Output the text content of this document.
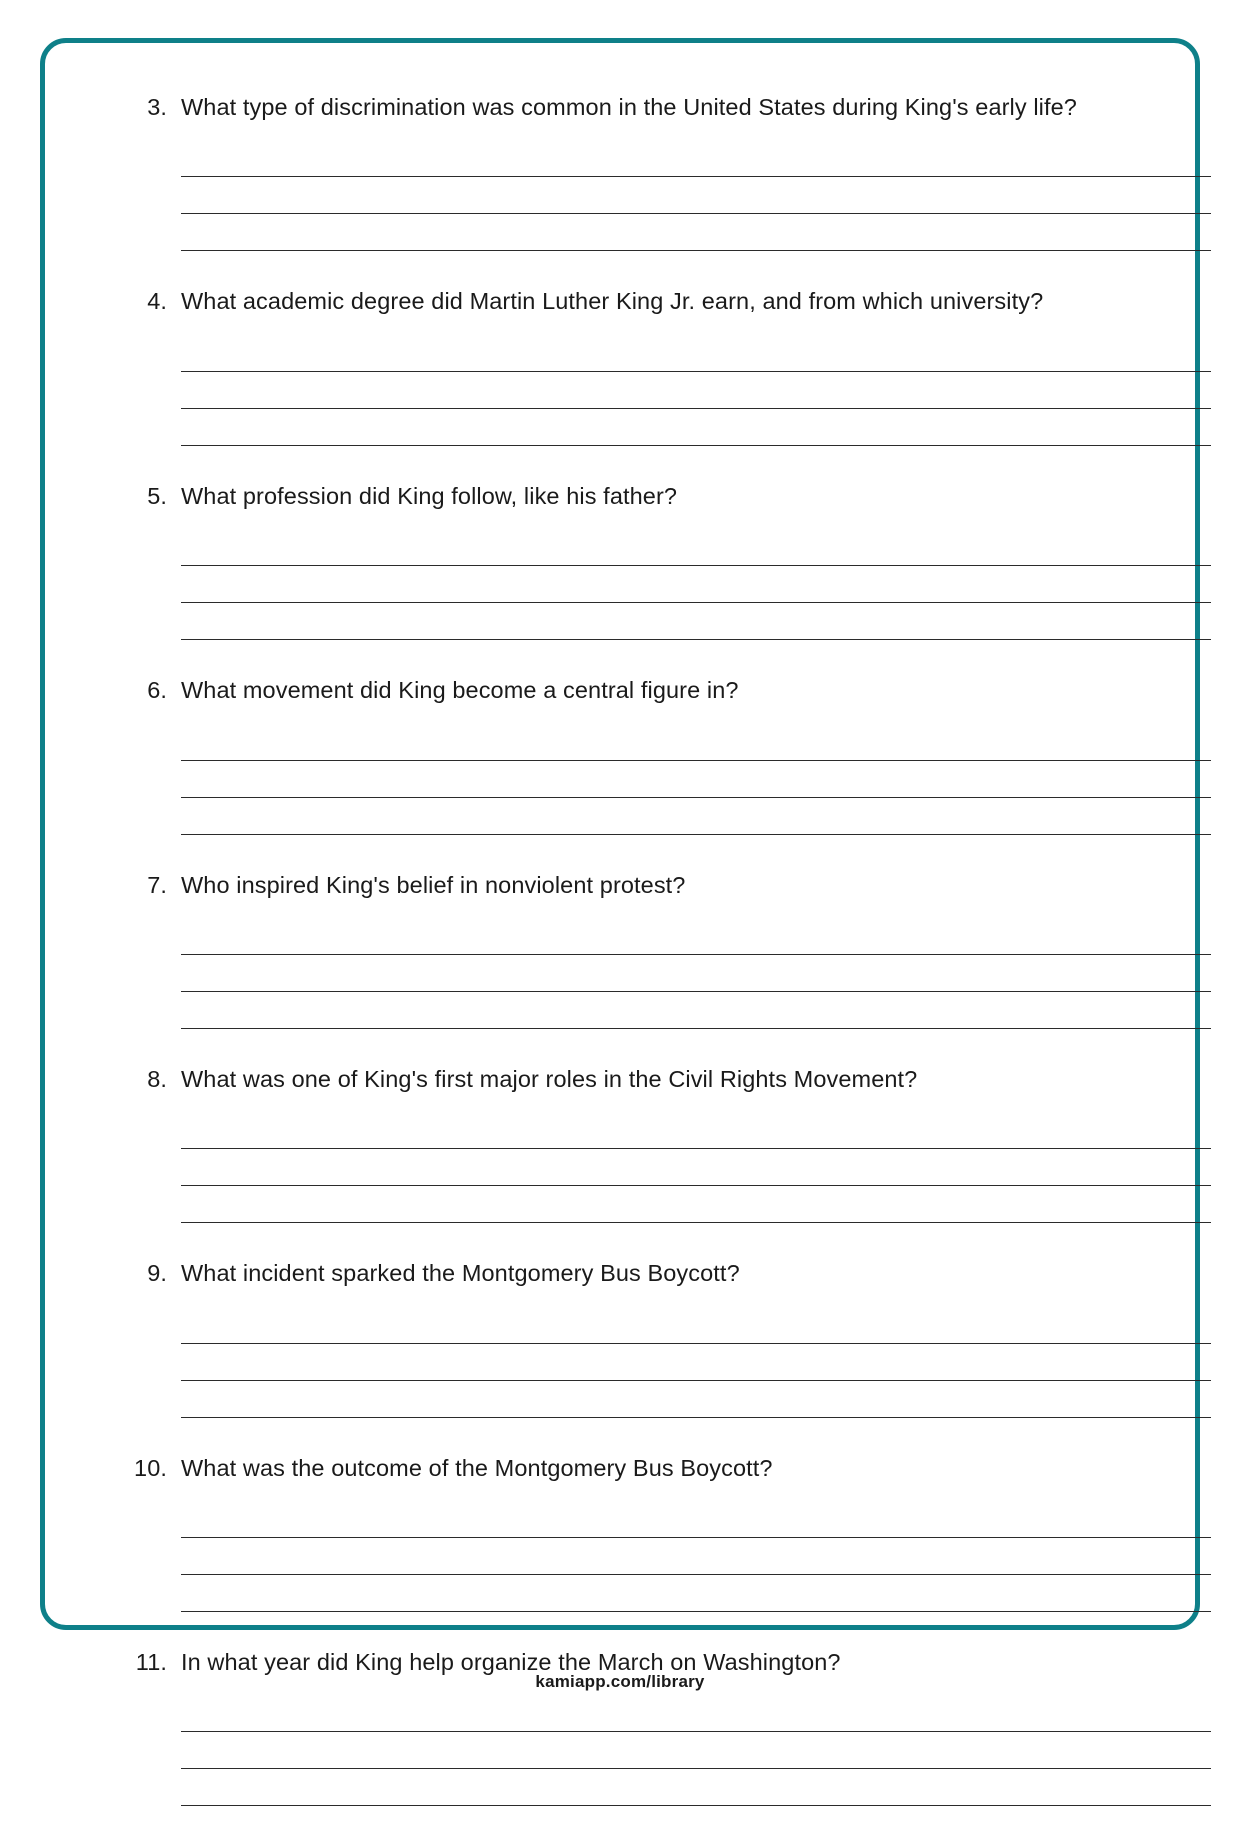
3. What type of discrimination was common in the United States during King's early life?
4. What academic degree did Martin Luther King Jr. earn, and from which university?
5. What profession did King follow, like his father?
6. What movement did King become a central figure in?
7. Who inspired King's belief in nonviolent protest?
8. What was one of King's first major roles in the Civil Rights Movement?
9. What incident sparked the Montgomery Bus Boycott?
10. What was the outcome of the Montgomery Bus Boycott?
11. In what year did King help organize the March on Washington?
kamiapp.com/library
